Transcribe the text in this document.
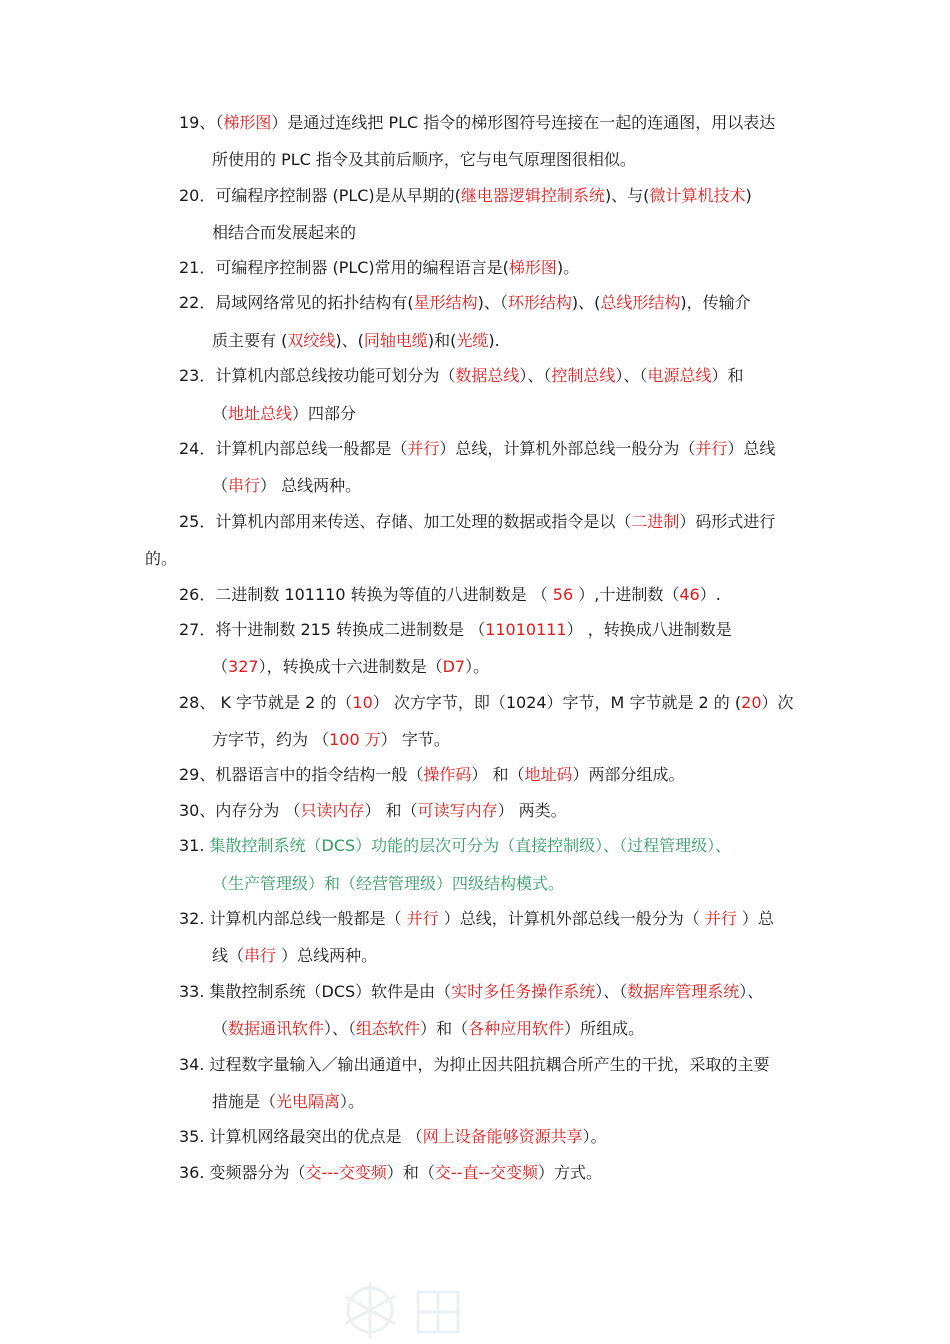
19、（梯形图）是通过连线把 PLC 指令的梯形图符号连接在一起的连通图，用以表达
所使用的 PLC 指令及其前后顺序，它与电气原理图很相似。
20．可编程序控制器 (PLC)是从早期的(继电器逻辑控制系统)、与(微计算机技术)
相结合而发展起来的
21．可编程序控制器 (PLC)常用的编程语言是(梯形图)。
22．局域网络常见的拓扑结构有(星形结构)、（环形结构)、(总线形结构)，传输介
质主要有 (双绞线)、(同轴电缆)和(光缆).
23．计算机内部总线按功能可划分为（数据总线）、（控制总线）、（电源总线）和
（地址总线）四部分
24．计算机内部总线一般都是（并行）总线，计算机外部总线一般分为（并行）总线
（串行） 总线两种。
25．计算机内部用来传送、存储、加工处理的数据或指令是以（二进制）码形式进行
的。
26．二进制数 101110 转换为等值的八进制数是 （ 56 ）,十进制数（46）.
27．将十进制数 215 转换成二进制数是 （11010111） ，转换成八进制数是
（327），转换成十六进制数是（D7）。
28、 K 字节就是 2 的（10） 次方字节，即（1024）字节，M 字节就是 2 的 (20）次
方字节，约为 （100 万） 字节。
29、机器语言中的指令结构一般（操作码） 和（地址码）两部分组成。
30、内存分为 （只读内存） 和（可读写内存） 两类。
31. 集散控制系统（DCS）功能的层次可分为（直接控制级）、（过程管理级）、
（生产管理级）和（经营管理级）四级结构模式。
32. 计算机内部总线一般都是（ 并行 ）总线，计算机外部总线一般分为（ 并行 ）总
线（串行 ）总线两种。
33. 集散控制系统（DCS）软件是由（实时多任务操作系统）、（数据库管理系统）、
（数据通讯软件）、（组态软件）和（各种应用软件）所组成。
34. 过程数字量输入／输出通道中，为抑止因共阻抗耦合所产生的干扰，采取的主要
措施是（光电隔离）。
35. 计算机网络最突出的优点是 （网上设备能够资源共享）。
36. 变频器分为（交---交变频）和（交--直--交变频）方式。
